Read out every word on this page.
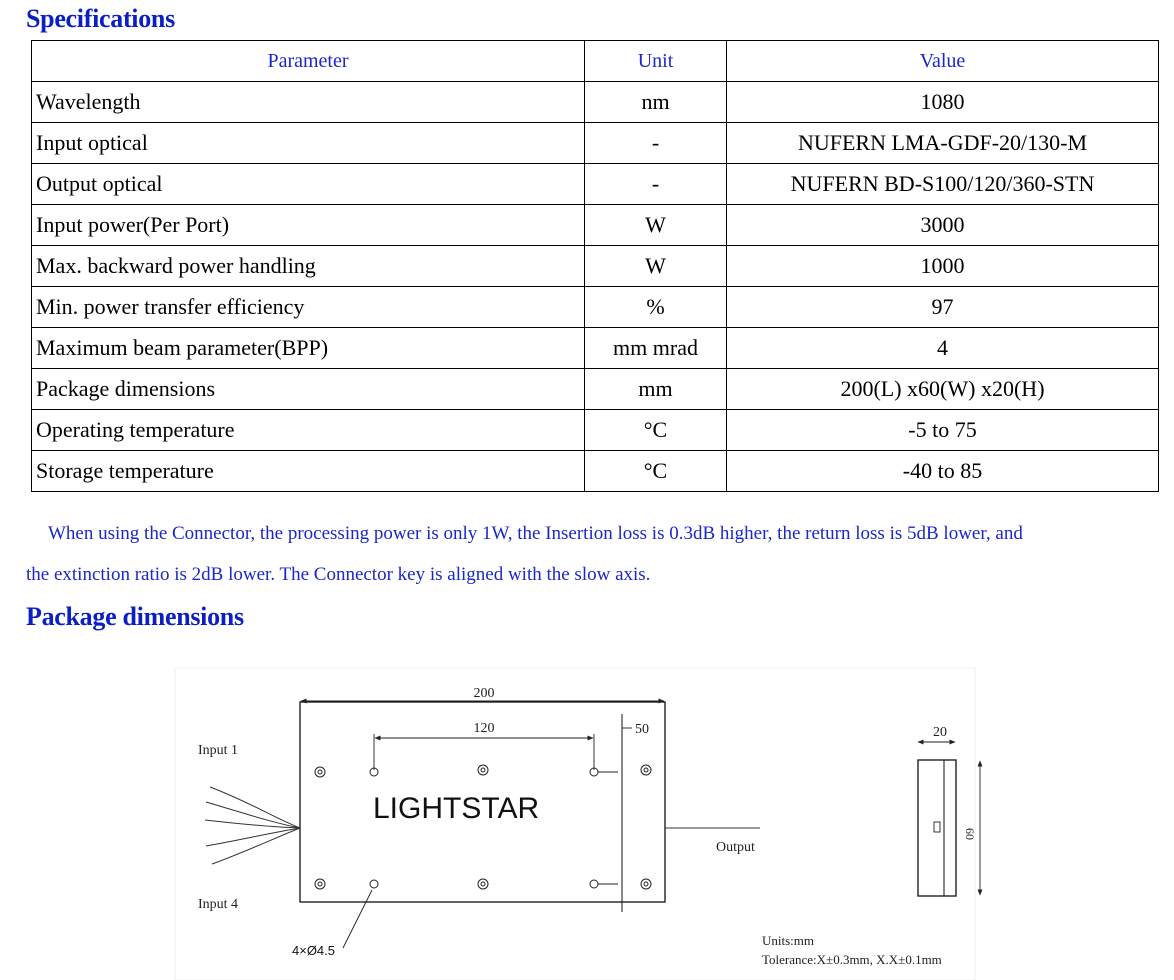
Specifications
Parameter	Unit	Value
Wavelength	nm	1080
Input optical	-	NUFERN LMA-GDF-20/130-M
Output optical	-	NUFERN BD-S100/120/360-STN
Input power(Per Port)	W	3000
Max. backward power handling	W	1000
Min. power transfer efficiency	%	97
Maximum beam parameter(BPP)	mm mrad	4
Package dimensions	mm	200(L) x60(W) x20(H)
Operating temperature	°C	-5 to 75
Storage temperature	°C	-40 to 85

When using the Connector, the processing power is only 1W, the Insertion loss is 0.3dB higher, the return loss is 5dB lower, and

the extinction ratio is 2dB lower. The Connector key is aligned with the slow axis.

Package dimensions
200
120	50
LIGHTSTAR
Input 1
Input 4
Output
4×Ø4.5
20
60
Units:mm
Tolerance:X±0.3mm, X.X±0.1mm
